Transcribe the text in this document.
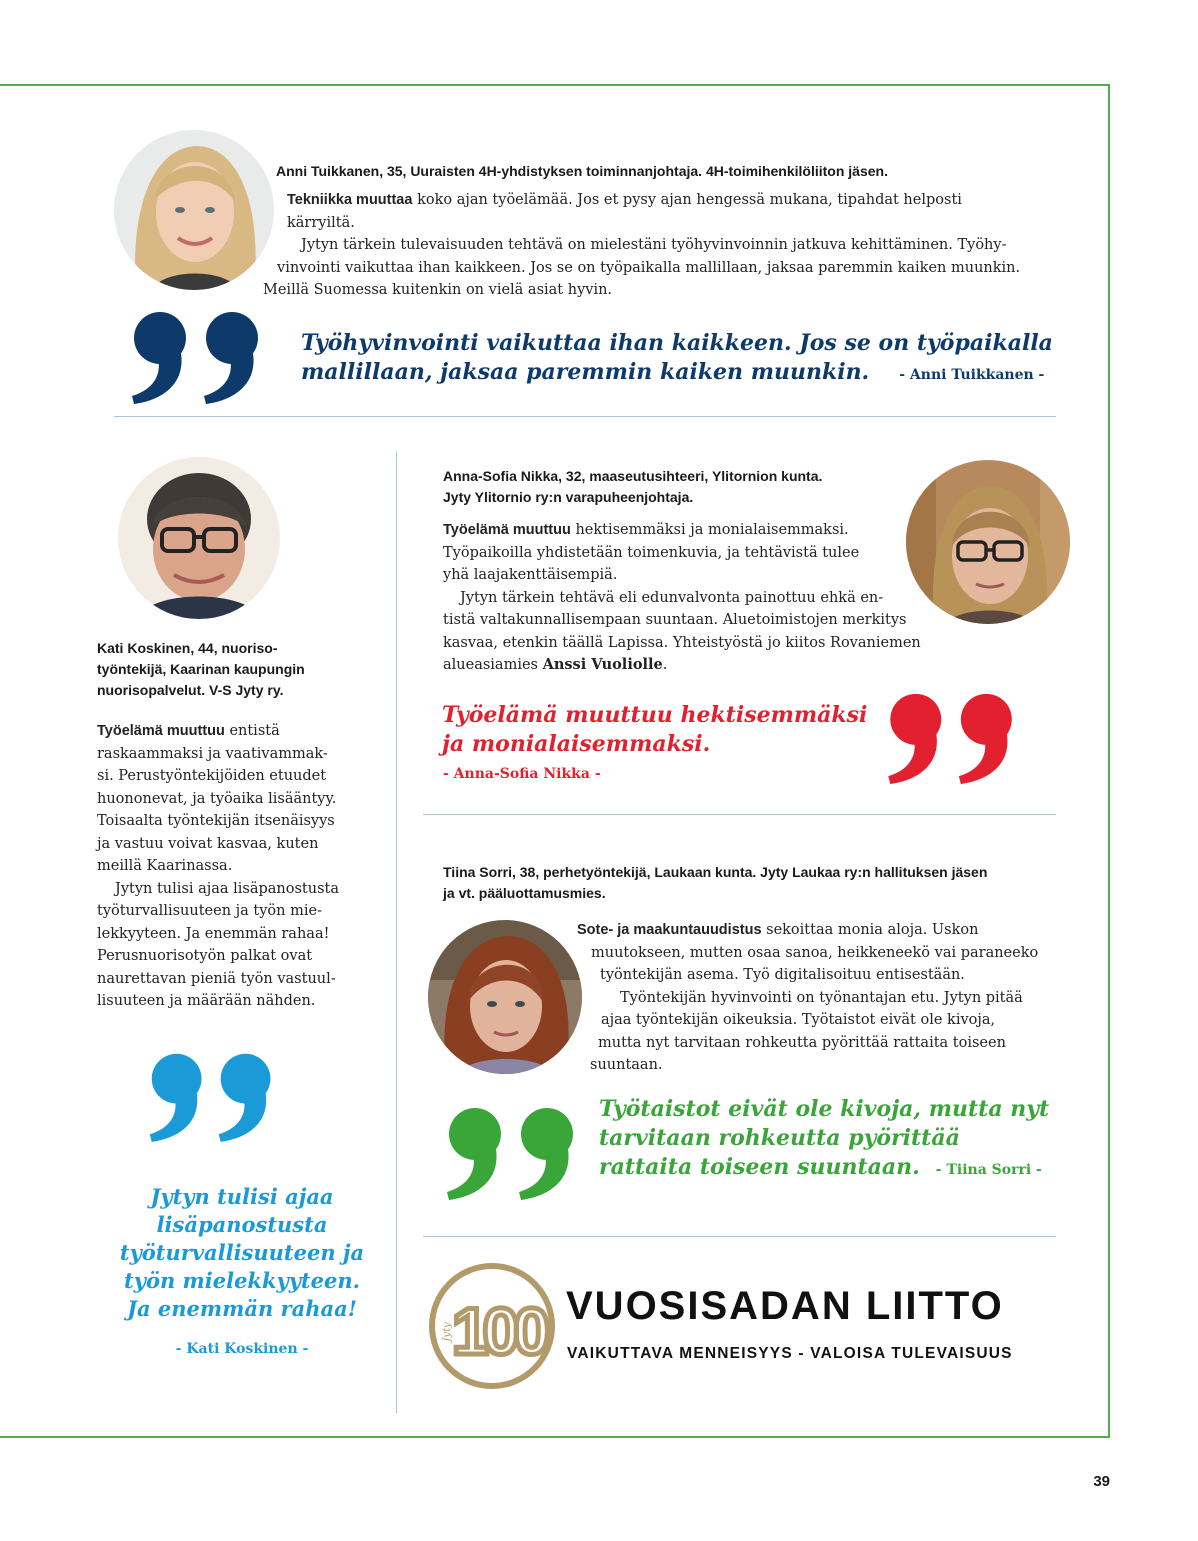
Anni Tuikkanen, 35, Uuraisten 4H-yhdistyksen toiminnanjohtaja. 4H-toimihenkilöliiton jäsen.
Tekniikka muuttaa koko ajan työelämää. Jos et pysy ajan hengessä mukana, tipahdat helposti
kärryiltä.
Jytyn tärkein tulevaisuuden tehtävä on mielestäni työhyvinvoinnin jatkuva kehittäminen. Työhy-
vinvointi vaikuttaa ihan kaikkeen. Jos se on työpaikalla mallillaan, jaksaa paremmin kaiken muunkin.
Meillä Suomessa kuitenkin on vielä asiat hyvin.
Työhyvinvointi vaikuttaa ihan kaikkeen. Jos se on työpaikalla
mallillaan, jaksaa paremmin kaiken muunkin. - Anni Tuikkanen -
Kati Koskinen, 44, nuoriso-
työntekijä, Kaarinan kaupungin
nuorisopalvelut. V-S Jyty ry.
Työelämä muuttuu entistä
raskaammaksi ja vaativammak-
si. Perustyöntekijöiden etuudet
huononevat, ja työaika lisääntyy.
Toisaalta työntekijän itsenäisyys
ja vastuu voivat kasvaa, kuten
meillä Kaarinassa.
Jytyn tulisi ajaa lisäpanostusta
työturvallisuuteen ja työn mie-
lekkyyteen. Ja enemmän rahaa!
Perusnuorisotyön palkat ovat
naurettavan pieniä työn vastuul-
lisuuteen ja määrään nähden.
Jytyn tulisi ajaa
lisäpanostusta
työturvallisuuteen ja
työn mielekkyyteen.
Ja enemmän rahaa!
- Kati Koskinen -
Anna-Sofia Nikka, 32, maaseutusihteeri, Ylitornion kunta.
Jyty Ylitornio ry:n varapuheenjohtaja.
Työelämä muuttuu hektisemmäksi ja monialaisemmaksi.
Työpaikoilla yhdistetään toimenkuvia, ja tehtävistä tulee
yhä laajakenttäisempiä.
Jytyn tärkein tehtävä eli edunvalvonta painottuu ehkä en-
tistä valtakunnallisempaan suuntaan. Aluetoimistojen merkitys
kasvaa, etenkin täällä Lapissa. Yhteistyöstä jo kiitos Rovaniemen
alueasiamies Anssi Vuoliolle.
Työelämä muuttuu hektisemmäksi
ja monialaisemmaksi.
- Anna-Sofia Nikka -
Tiina Sorri, 38, perhetyöntekijä, Laukaan kunta. Jyty Laukaa ry:n hallituksen jäsen
ja vt. pääluottamusmies.
Sote- ja maakuntauudistus sekoittaa monia aloja. Uskon
muutokseen, mutten osaa sanoa, heikkeneekö vai paraneeko
työntekijän asema. Työ digitalisoituu entisestään.
Työntekijän hyvinvointi on työnantajan etu. Jytyn pitää
ajaa työntekijän oikeuksia. Työtaistot eivät ole kivoja,
mutta nyt tarvitaan rohkeutta pyörittää rattaita toiseen
suuntaan.
Työtaistot eivät ole kivoja, mutta nyt
tarvitaan rohkeutta pyörittää
rattaita toiseen suuntaan. - Tiina Sorri -
100
Jyty
VUOSISADAN LIITTO
VAIKUTTAVA MENNEISYYS - VALOISA TULEVAISUUS
39
